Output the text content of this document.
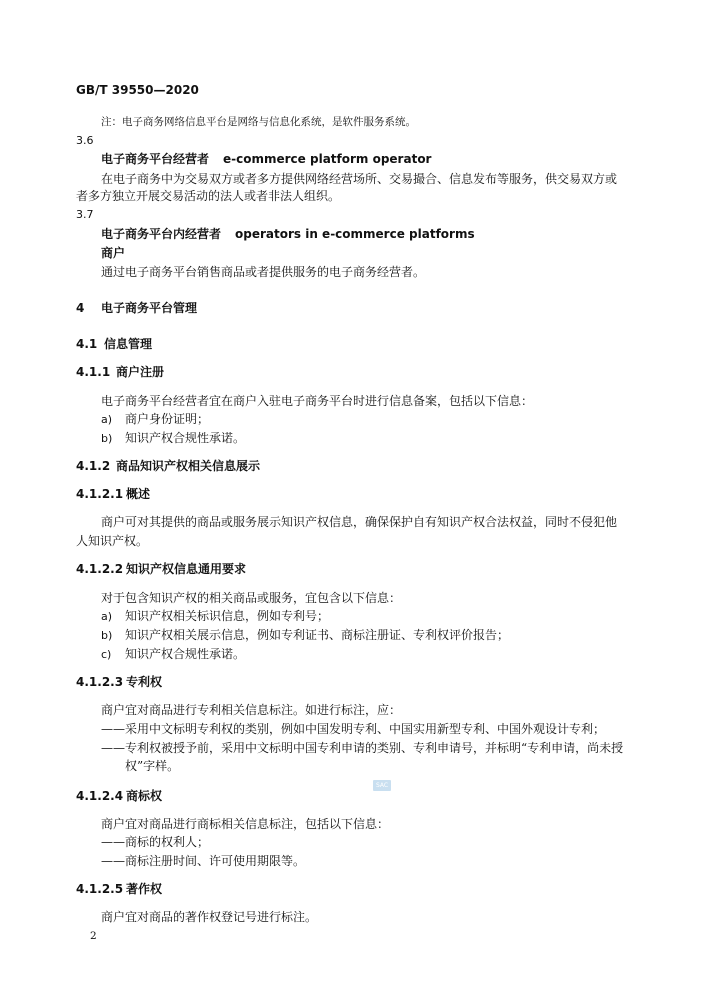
GB/T 39550—2020
注：电子商务网络信息平台是网络与信息化系统，是软件服务系统。
3.6
电子商务平台经营者 e-commerce platform operator
在电子商务中为交易双方或者多方提供网络经营场所、交易撮合、信息发布等服务，供交易双方或
者多方独立开展交易活动的法人或者非法人组织。
3.7
电子商务平台内经营者 operators in e-commerce platforms
商户
通过电子商务平台销售商品或者提供服务的电子商务经营者。
4 电子商务平台管理
4.1 信息管理
4.1.1 商户注册
电子商务平台经营者宜在商户入驻电子商务平台时进行信息备案，包括以下信息：
a) 商户身份证明；
b) 知识产权合规性承诺。
4.1.2 商品知识产权相关信息展示
4.1.2.1 概述
商户可对其提供的商品或服务展示知识产权信息，确保保护自有知识产权合法权益，同时不侵犯他
人知识产权。
4.1.2.2 知识产权信息通用要求
对于包含知识产权的相关商品或服务，宜包含以下信息：
a) 知识产权相关标识信息，例如专利号；
b) 知识产权相关展示信息，例如专利证书、商标注册证、专利权评价报告；
c) 知识产权合规性承诺。
4.1.2.3 专利权
商户宜对商品进行专利相关信息标注。如进行标注，应：
——采用中文标明专利权的类别，例如中国发明专利、中国实用新型专利、中国外观设计专利；
——专利权被授予前，采用中文标明中国专利申请的类别、专利申请号，并标明“专利申请，尚未授
权”字样。
SAC
4.1.2.4 商标权
商户宜对商品进行商标相关信息标注，包括以下信息：
——商标的权利人；
——商标注册时间、许可使用期限等。
4.1.2.5 著作权
商户宜对商品的著作权登记号进行标注。
2
